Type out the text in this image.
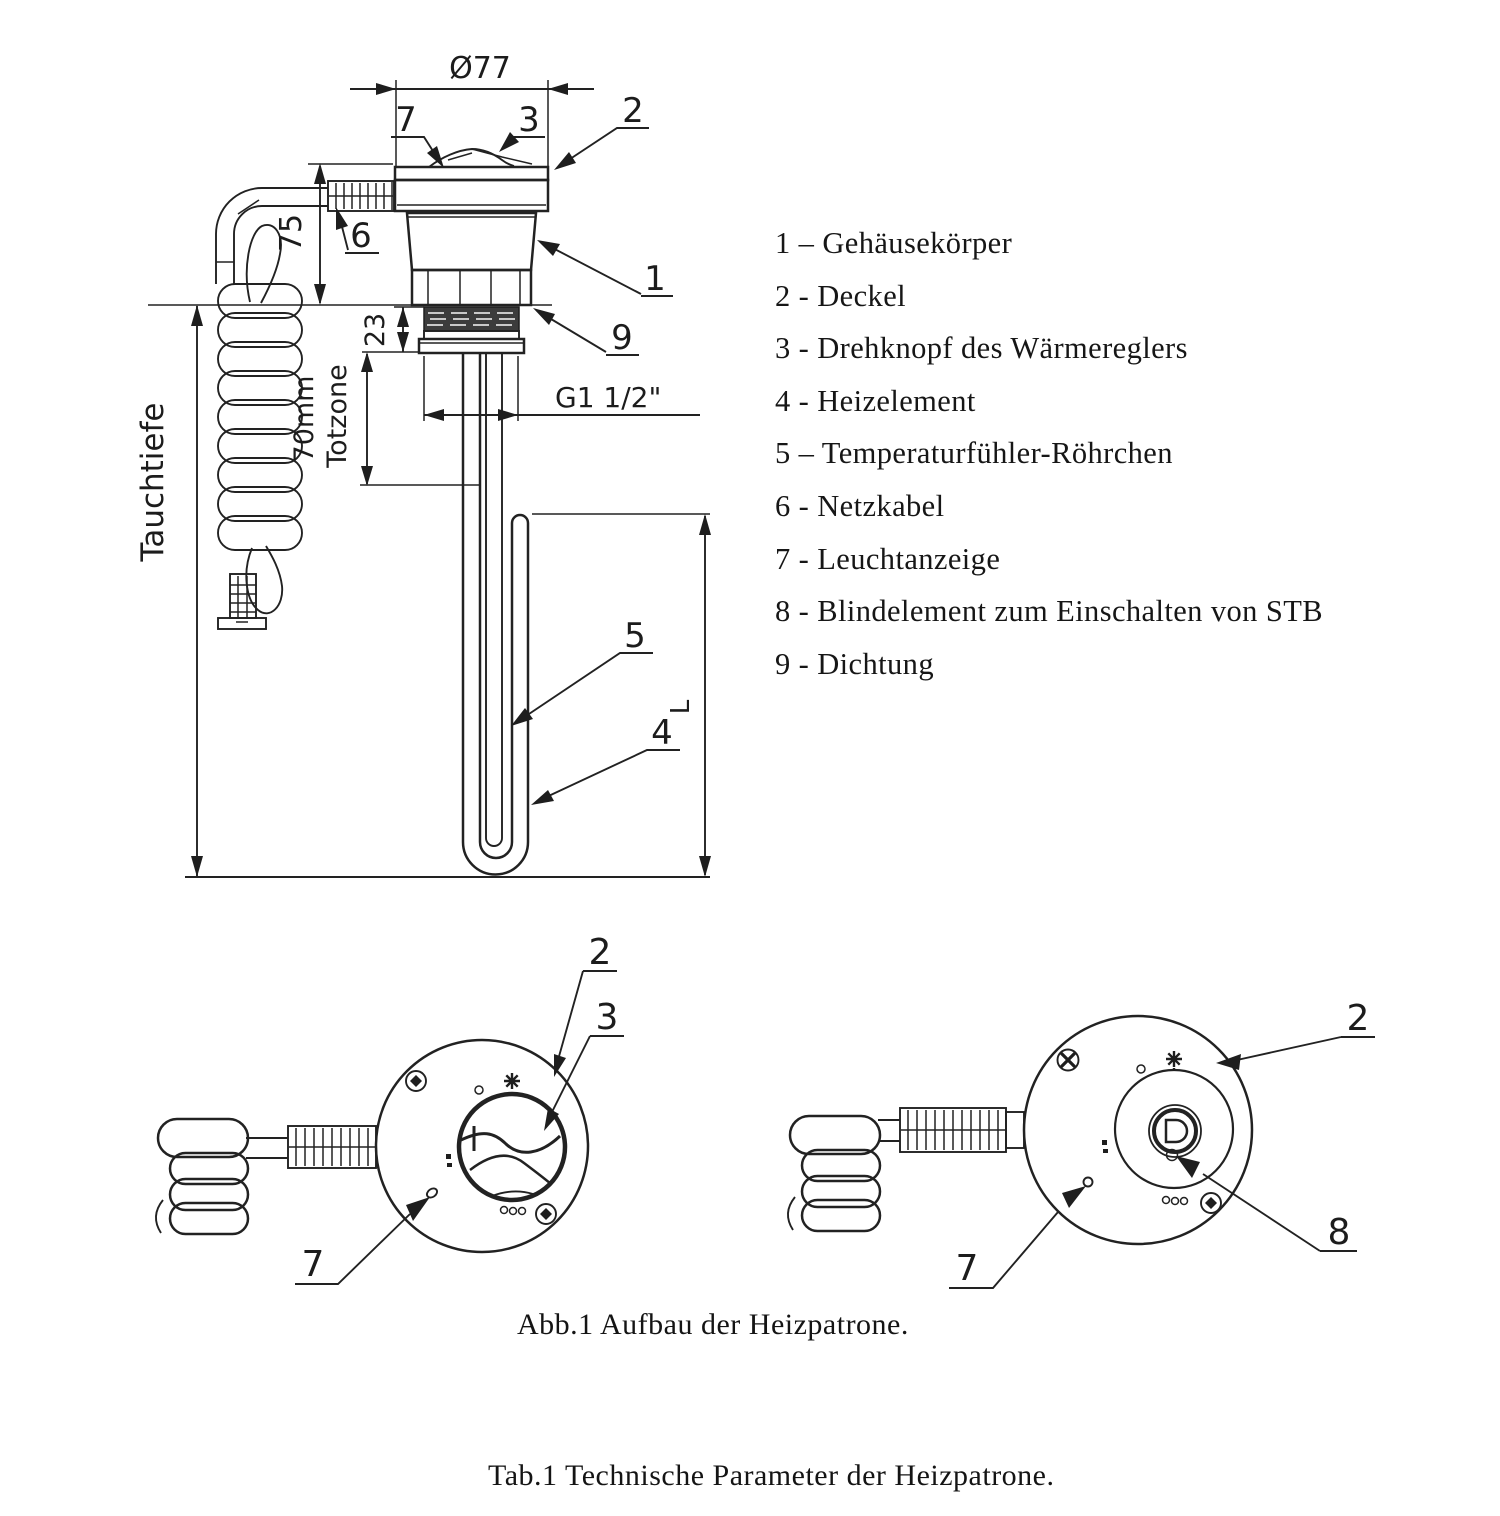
Ø77
75
23
70mm Totzone
Tauchtiefe
G1 1/2"
L
7	3 2
6
1
9
5
4
2
3
7
2
8
7
1 – Gehäusekörper
2 - Deckel
3 - Drehknopf des Wärmereglers
4 - Heizelement
5 – Temperaturfühler-Röhrchen
6 - Netzkabel
7 - Leuchtanzeige
8 - Blindelement zum Einschalten von STB
9 - Dichtung
Abb.1 Aufbau der Heizpatrone.
Tab.1 Technische Parameter der Heizpatrone.
